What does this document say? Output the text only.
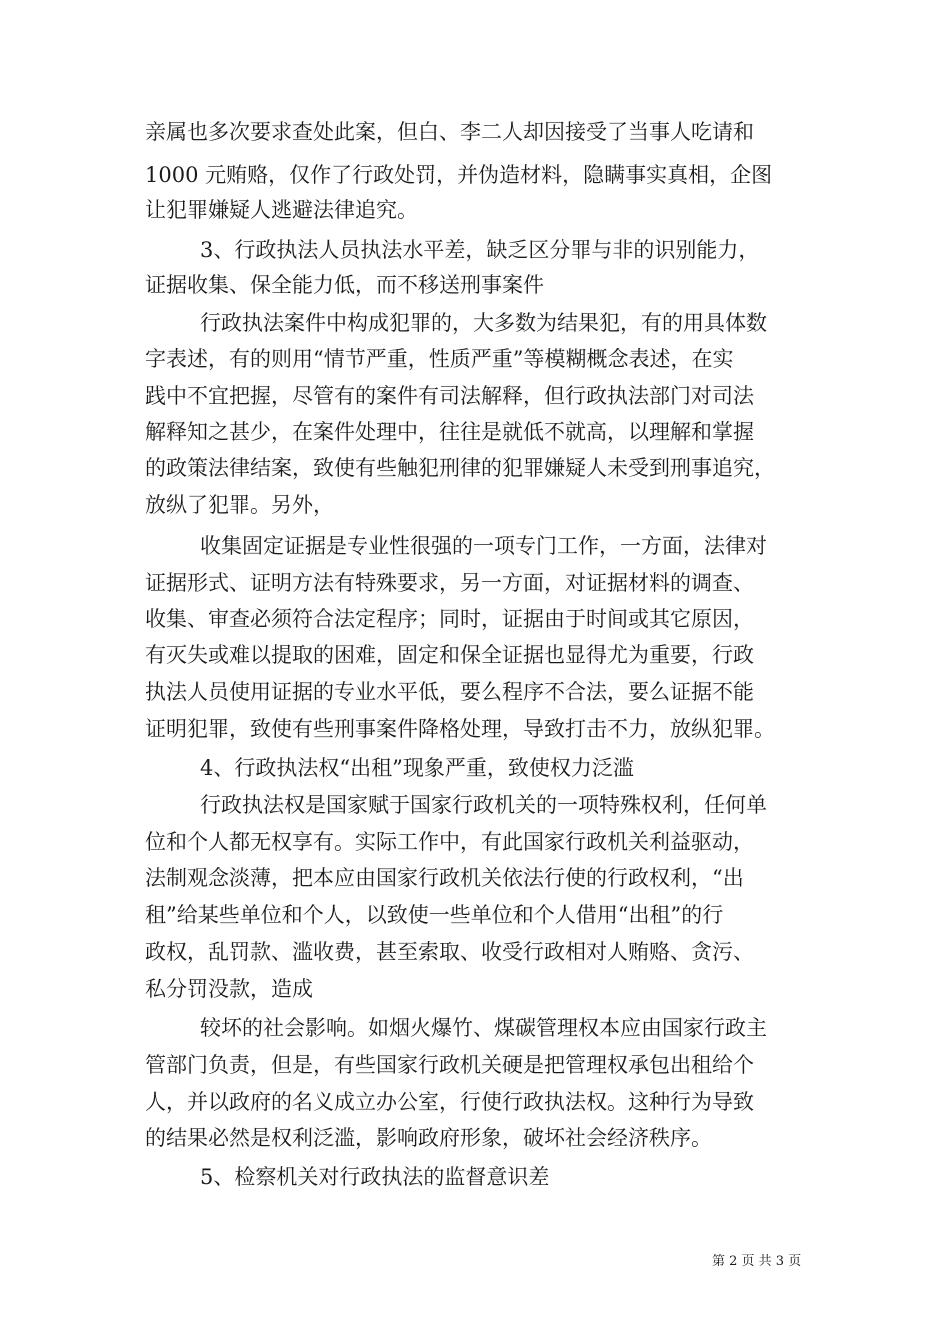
亲属也多次要求查处此案，但白、李二人却因接受了当事人吃请和
1000 元贿赂，仅作了行政处罚，并伪造材料，隐瞒事实真相，企图
让犯罪嫌疑人逃避法律追究。
3、行政执法人员执法水平差，缺乏区分罪与非的识别能力，
证据收集、保全能力低，而不移送刑事案件
行政执法案件中构成犯罪的，大多数为结果犯，有的用具体数
字表述，有的则用“情节严重，性质严重”等模糊概念表述，在实
践中不宜把握，尽管有的案件有司法解释，但行政执法部门对司法
解释知之甚少，在案件处理中，往往是就低不就高，以理解和掌握
的政策法律结案，致使有些触犯刑律的犯罪嫌疑人未受到刑事追究，
放纵了犯罪。另外，
收集固定证据是专业性很强的一项专门工作，一方面，法律对
证据形式、证明方法有特殊要求，另一方面，对证据材料的调查、
收集、审查必须符合法定程序；同时，证据由于时间或其它原因，
有灭失或难以提取的困难，固定和保全证据也显得尤为重要，行政
执法人员使用证据的专业水平低，要么程序不合法，要么证据不能
证明犯罪，致使有些刑事案件降格处理，导致打击不力，放纵犯罪。
4、行政执法权“出租”现象严重，致使权力泛滥
行政执法权是国家赋于国家行政机关的一项特殊权利，任何单
位和个人都无权享有。实际工作中，有此国家行政机关利益驱动，
法制观念淡薄，把本应由国家行政机关依法行使的行政权利，“出
租”给某些单位和个人，以致使一些单位和个人借用“出租”的行
政权，乱罚款、滥收费，甚至索取、收受行政相对人贿赂、贪污、
私分罚没款，造成
较坏的社会影响。如烟火爆竹、煤碳管理权本应由国家行政主
管部门负责，但是，有些国家行政机关硬是把管理权承包出租给个
人，并以政府的名义成立办公室，行使行政执法权。这种行为导致
的结果必然是权利泛滥，影响政府形象，破坏社会经济秩序。
5、检察机关对行政执法的监督意识差
第 2 页 共 3 页
